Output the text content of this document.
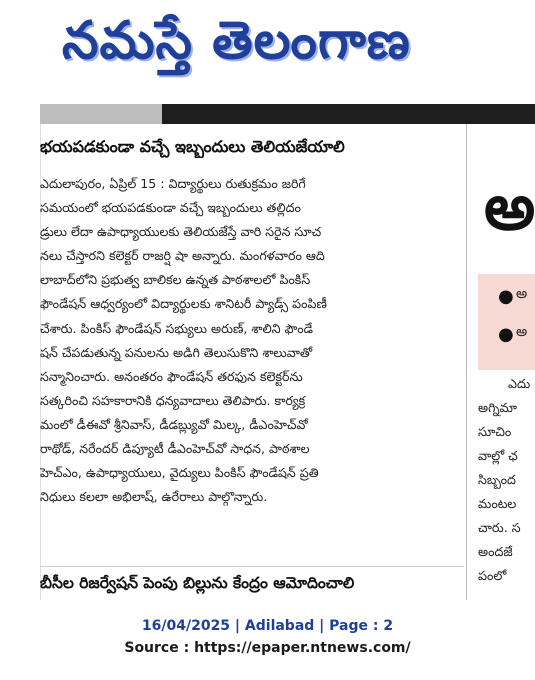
నమస్తే తెలంగాణ
భయపడకుండా వచ్చే ఇబ్బందులు తెలియజేయాలి
ఎదులాపురం, ఏప్రిల్ 15 : విద్యార్థులు రుతుక్రమం జరిగే
సమయంలో భయపడకుండా వచ్చే ఇబ్బందులు తల్లిదం
డ్రులు లేదా ఉపాధ్యాయులకు తెలియజేస్తే వారి సరైన సూచ
నలు చేస్తారని కలెక్టర్ రాజర్షి షా అన్నారు. మంగళవారం ఆది
లాబాద్‌లోని ప్రభుత్వ బాలికల ఉన్నత పాఠశాలలో పింకిస్
ఫౌండేషన్ ఆధ్వర్యంలో విద్యార్థులకు శానిటరీ ప్యాడ్స్ పంపిణీ
చేశారు. పింకిస్ ఫౌండేషన్ సభ్యులు అరుణ్, శాలిని ఫౌండే
షన్ చేపడుతున్న పనులను అడిగి తెలుసుకొని శాలువాతో
సన్మానించారు. అనంతరం ఫౌండేషన్ తరఫున కలెక్టర్‌ను
సత్కరించి సహకారానికి ధన్యవాదాలు తెలిపారు. కార్యక్ర
మంలో డీఈవో శ్రీనివాస్, డీడబ్ల్యువో మిల్క, డీఎంహెచ్‌వో
రాథోడ్, నరేందర్ డిప్యూటీ డీఎంహెచ్‌వో సాధన, పాఠశాల
హెచ్ఎం, ఉపాధ్యాయులు, వైద్యులు పింకిస్ ఫౌండేషన్ ప్రతి
నిధులు కలలా అభిలాష్, ఉరేరాలు పాల్గొన్నారు.
బీసీల రిజర్వేషన్ పెంపు బిల్లును కేంద్రం ఆమోదించాలి
అ
● అ
● అ
ఎదు
అగ్నిమా
సూచిం
వాల్లో ఛ
సిబ్బంద
మంటల
చారు. స
అందజే
పంలో
16/04/2025 | Adilabad | Page : 2
Source : https://epaper.ntnews.com/
